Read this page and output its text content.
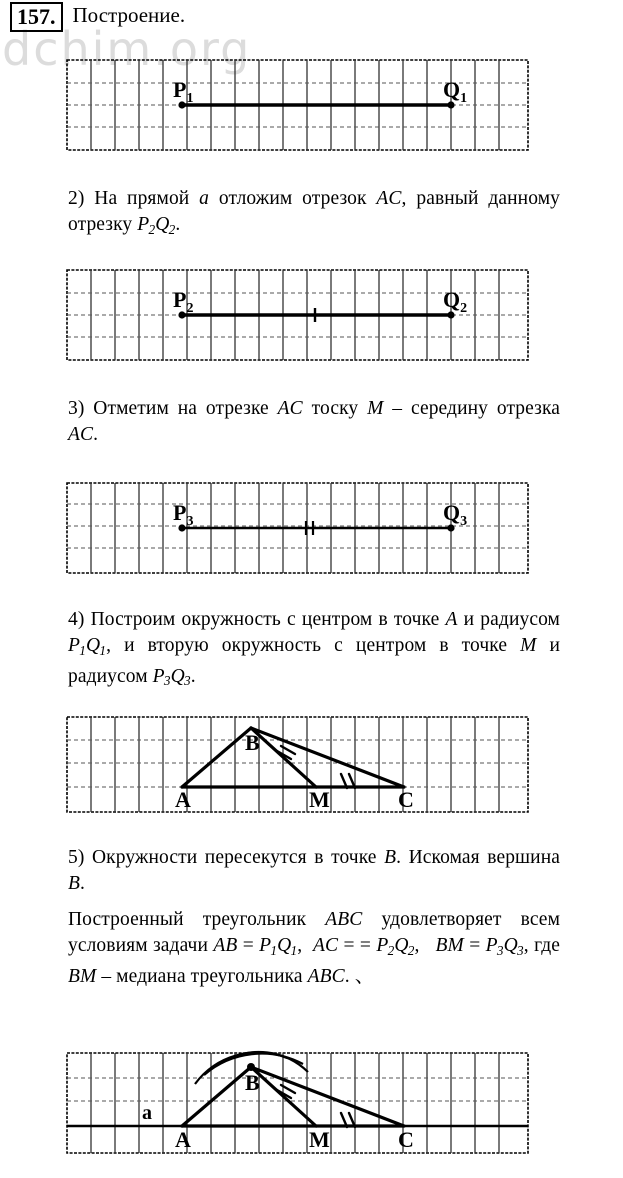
dchim.org
157. Построение.
$P_1$	$Q_1$
2) На прямой a отложим отрезок AC, равный данному отрезку $P_2Q_2$.
$P_2$	$Q_2$
3) Отметим на отрезке AC тоску M – середину отрезка AC.
$P_3$	$Q_3$
4) Построим окружность с центром в точке A и радиусом $P_1Q_1$, и вторую окружность с центром в точке M и радиусом $P_3Q_3$.
A
B
M	C
5) Окружности пересекутся в точке B. Искомая вершина B.
Построенный треугольник ABC удовлетворяет всем условиям задачи AB = $P_1Q_1$,  AC = = $P_2Q_2$,   BM = $P_3Q_3$, где BM – медиана треугольника ABC. 、
a
A
B
M	C
